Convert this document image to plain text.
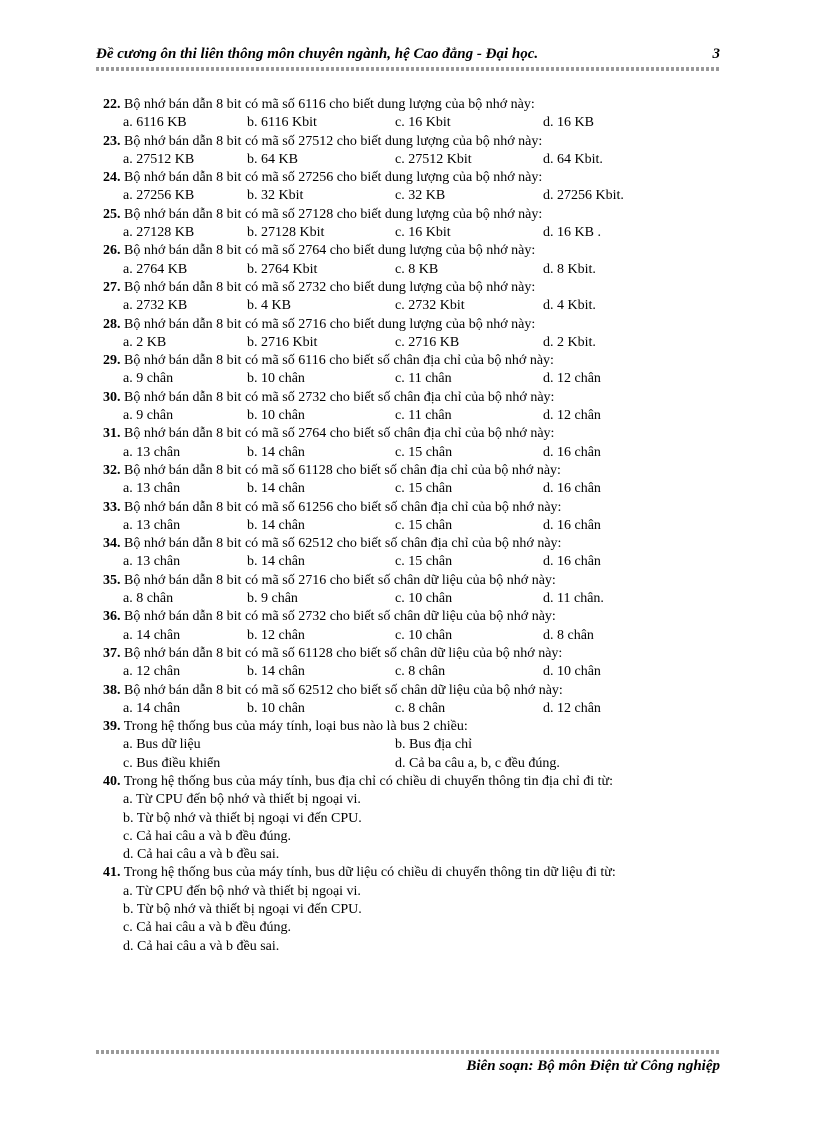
Đề cương ôn thi liên thông môn chuyên ngành, hệ Cao đẳng - Đại học.	3
22. Bộ nhớ bán dẫn 8 bit có mã số 6116 cho biết dung lượng của bộ nhớ này:
a. 6116 KB	b. 6116 Kbit	c. 16 Kbit	d. 16 KB
23. Bộ nhớ bán dẫn 8 bit có mã số 27512 cho biết dung lượng của bộ nhớ này:
a. 27512 KB	b. 64 KB	c. 27512 Kbit	d. 64 Kbit.
24. Bộ nhớ bán dẫn 8 bit có mã số 27256 cho biết dung lượng của bộ nhớ này:
a. 27256 KB	b. 32 Kbit	c. 32 KB	d. 27256 Kbit.
25. Bộ nhớ bán dẫn 8 bit có mã số 27128 cho biết dung lượng của bộ nhớ này:
a. 27128 KB	b. 27128 Kbit	c. 16 Kbit	d. 16 KB .
26. Bộ nhớ bán dẫn 8 bit có mã số 2764 cho biết dung lượng của bộ nhớ này:
a. 2764 KB	b. 2764 Kbit	c. 8 KB	d. 8 Kbit.
27. Bộ nhớ bán dẫn 8 bit có mã số 2732 cho biết dung lượng của bộ nhớ này:
a. 2732 KB	b. 4 KB	c. 2732 Kbit	d. 4 Kbit.
28. Bộ nhớ bán dẫn 8 bit có mã số 2716 cho biết dung lượng của bộ nhớ này:
a. 2 KB	b. 2716 Kbit	c. 2716 KB	d. 2 Kbit.
29. Bộ nhớ bán dẫn 8 bit có mã số 6116 cho biết số chân địa chỉ của bộ nhớ này:
a. 9 chân	b. 10 chân	c. 11 chân	d. 12 chân
30. Bộ nhớ bán dẫn 8 bit có mã số 2732 cho biết số chân địa chỉ của bộ nhớ này:
a. 9 chân	b. 10 chân	c. 11 chân	d. 12 chân
31. Bộ nhớ bán dẫn 8 bit có mã số 2764 cho biết số chân địa chỉ của bộ nhớ này:
a. 13 chân	b. 14 chân	c. 15 chân	d. 16 chân
32. Bộ nhớ bán dẫn 8 bit có mã số 61128 cho biết số chân địa chỉ của bộ nhớ này:
a. 13 chân	b. 14 chân	c. 15 chân	d. 16 chân
33. Bộ nhớ bán dẫn 8 bit có mã số 61256 cho biết số chân địa chỉ của bộ nhớ này:
a. 13 chân	b. 14 chân	c. 15 chân	d. 16 chân
34. Bộ nhớ bán dẫn 8 bit có mã số 62512 cho biết số chân địa chỉ của bộ nhớ này:
a. 13 chân	b. 14 chân	c. 15 chân	d. 16 chân
35. Bộ nhớ bán dẫn 8 bit có mã số 2716 cho biết số chân dữ liệu của bộ nhớ này:
a. 8 chân	b. 9 chân	c. 10 chân	d. 11 chân.
36. Bộ nhớ bán dẫn 8 bit có mã số 2732 cho biết số chân dữ liệu của bộ nhớ này:
a. 14 chân	b. 12 chân	c. 10 chân	d. 8 chân
37. Bộ nhớ bán dẫn 8 bit có mã số 61128 cho biết số chân dữ liệu của bộ nhớ này:
a. 12 chân	b. 14 chân	c. 8 chân	d. 10 chân
38. Bộ nhớ bán dẫn 8 bit có mã số 62512 cho biết số chân dữ liệu của bộ nhớ này:
a. 14 chân	b. 10 chân	c. 8 chân	d. 12 chân
39. Trong hệ thống bus của máy tính, loại bus nào là bus 2 chiều:
a. Bus dữ liệu	b. Bus địa chỉ
c. Bus điều khiển	d. Cả ba câu a, b, c đều đúng.
40. Trong hệ thống bus của máy tính, bus địa chỉ có chiều di chuyển thông tin địa chỉ đi từ:
a. Từ CPU đến bộ nhớ và thiết bị ngoại vi.
b. Từ bộ nhớ và thiết bị ngoại vi đến CPU.
c. Cả hai câu a và b đều đúng.
d. Cả hai câu a và b đều sai.
41. Trong hệ thống bus của máy tính, bus dữ liệu có chiều di chuyển thông tin dữ liệu đi từ:
a. Từ CPU đến bộ nhớ và thiết bị ngoại vi.
b. Từ bộ nhớ và thiết bị ngoại vi đến CPU.
c. Cả hai câu a và b đều đúng.
d. Cả hai câu a và b đều sai.
Biên soạn: Bộ môn Điện tử Công nghiệp
